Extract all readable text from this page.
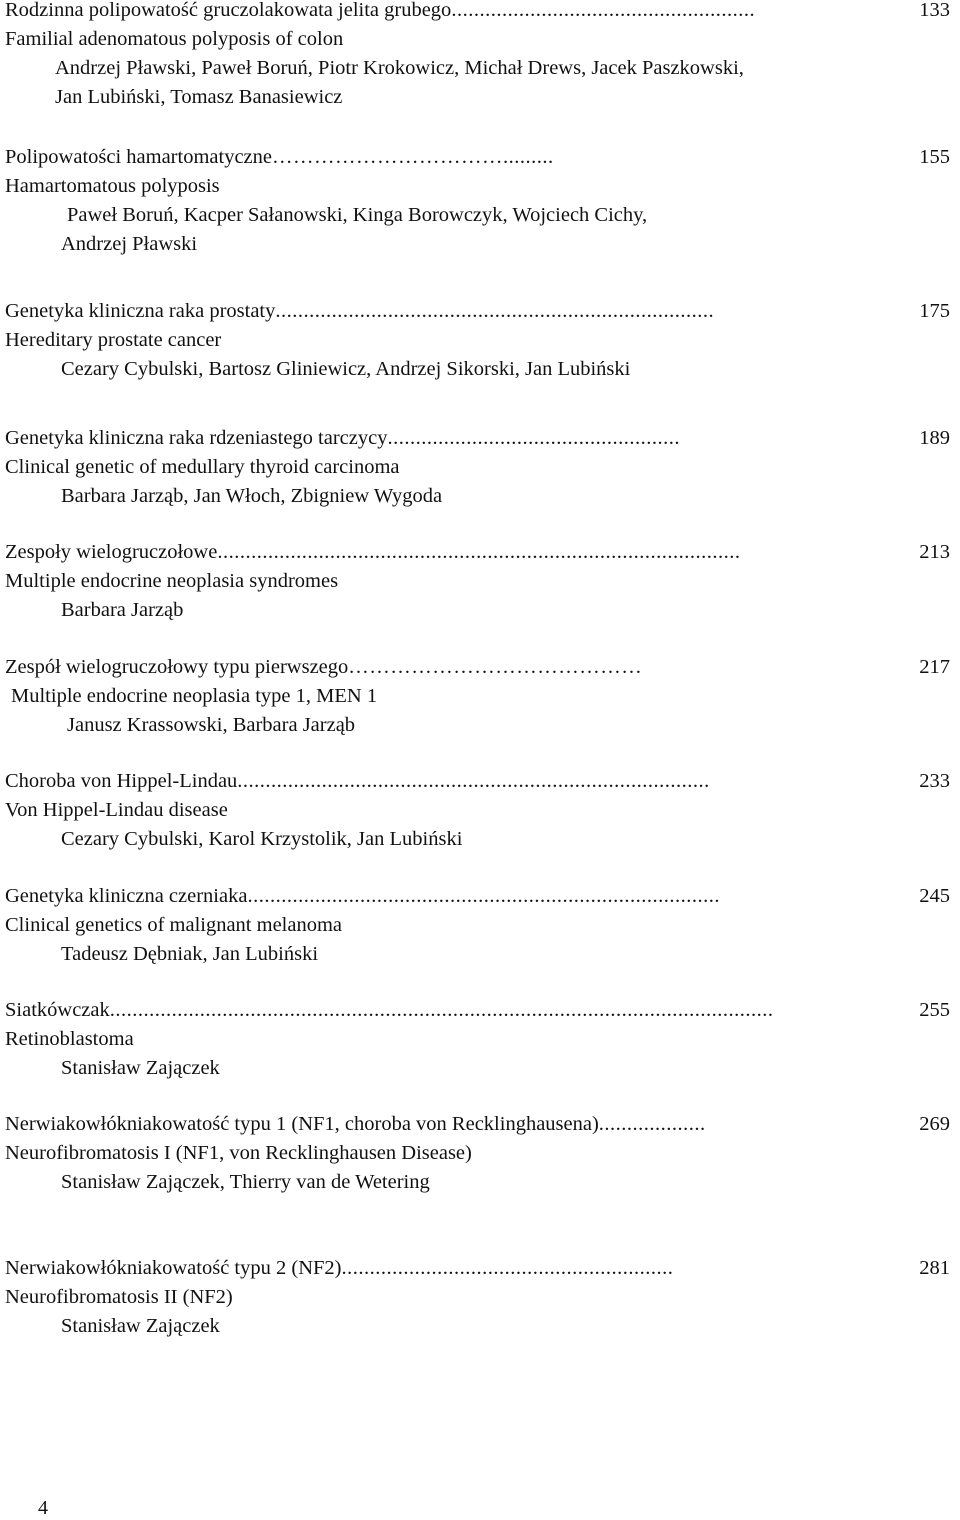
Rodzinna polipowatość gruczolakowata jelita grubego ......................................................	133
Familial adenomatous polyposis of colon
Andrzej Pławski, Paweł Boruń, Piotr Krokowicz, Michał Drews, Jacek Paszkowski,
Jan Lubiński, Tomasz Banasiewicz
Polipowatości hamartomatyczne …………………………….........	155
Hamartomatous polyposis
Paweł Boruń, Kacper Sałanowski, Kinga Borowczyk, Wojciech Cichy,
Andrzej Pławski
Genetyka kliniczna raka prostaty ..............................................................................	175
Hereditary prostate cancer
Cezary Cybulski, Bartosz Gliniewicz, Andrzej Sikorski, Jan Lubiński
Genetyka kliniczna raka rdzeniastego tarczycy ....................................................	189
Clinical genetic of medullary thyroid carcinoma
Barbara Jarząb, Jan Włoch, Zbigniew Wygoda
Zespoły wielogruczołowe .............................................................................................	213
Multiple endocrine neoplasia syndromes
Barbara Jarząb
Zespół wielogruczołowy typu pierwszego ……………………………………	217
Multiple endocrine neoplasia type 1, MEN 1
Janusz Krassowski, Barbara Jarząb
Choroba von Hippel-Lindau ....................................................................................	233
Von Hippel-Lindau disease
Cezary Cybulski, Karol Krzystolik, Jan Lubiński
Genetyka kliniczna czerniaka ....................................................................................	245
Clinical genetics of malignant melanoma
Tadeusz Dębniak, Jan Lubiński
Siatkówczak ......................................................................................................................	255
Retinoblastoma
Stanisław Zajączek
Nerwiakowłókniakowatość typu 1 (NF1, choroba von Recklinghausena) ...................	269
Neurofibromatosis I (NF1, von Recklinghausen Disease)
Stanisław Zajączek, Thierry van de Wetering
Nerwiakowłókniakowatość typu 2 (NF2) ...........................................................	281
Neurofibromatosis II (NF2)
Stanisław Zajączek
4
